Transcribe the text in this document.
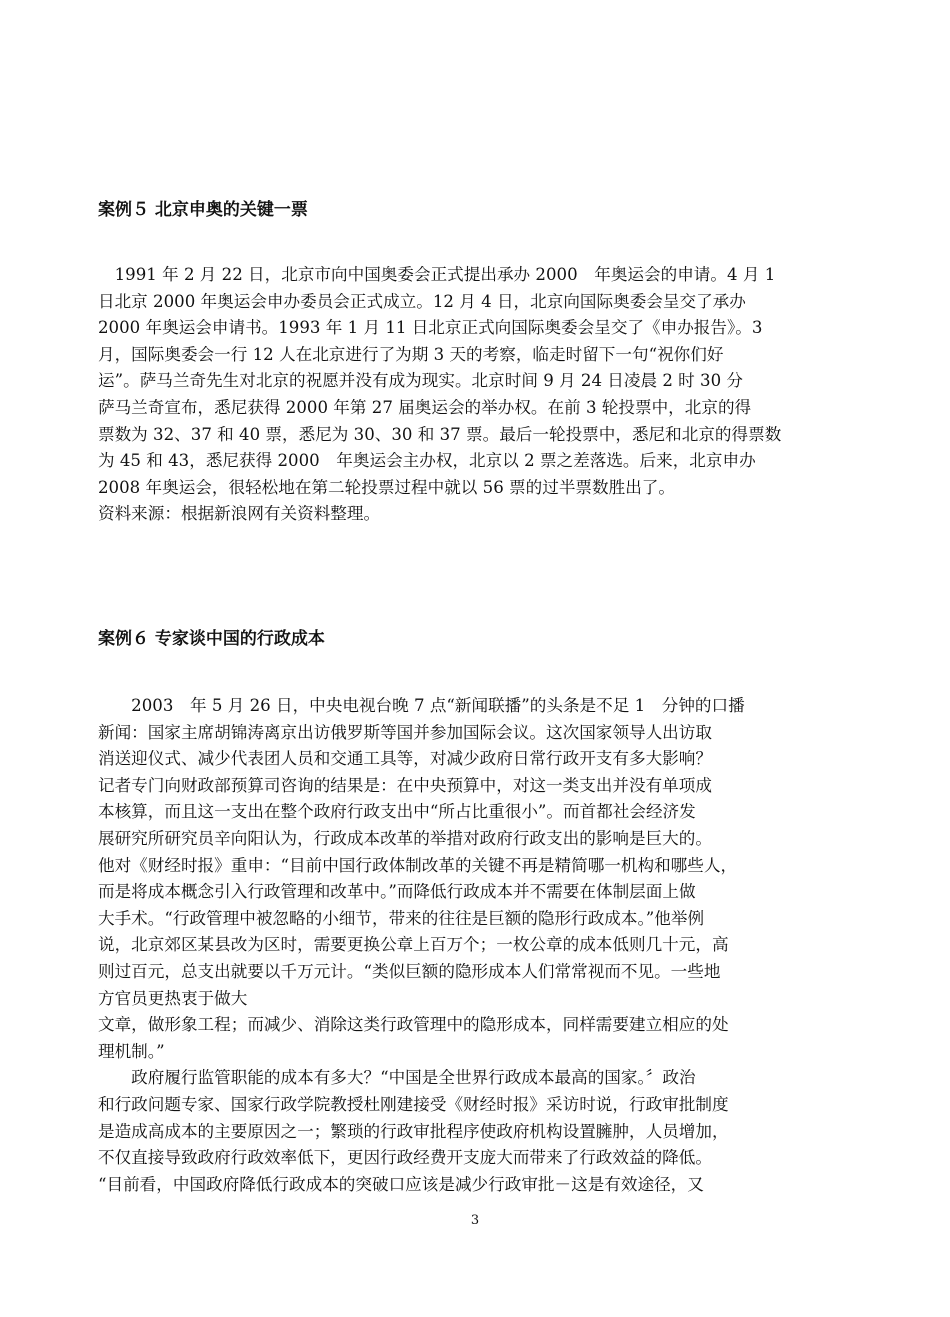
案例５ 北京申奥的关键一票
　1991 年 2 月 22 日，北京市向中国奥委会正式提出承办 2000　年奥运会的申请。4 月 1
日北京 2000 年奥运会申办委员会正式成立。12 月 4 日，北京向国际奥委会呈交了承办
2000 年奥运会申请书。1993 年 1 月 11 日北京正式向国际奥委会呈交了《申办报告》。3
月，国际奥委会一行 12 人在北京进行了为期 3 天的考察，临走时留下一句“祝你们好
运”。萨马兰奇先生对北京的祝愿并没有成为现实。北京时间 9 月 24 日凌晨 2 时 30 分
萨马兰奇宣布，悉尼获得 2000 年第 27 届奥运会的举办权。在前 3 轮投票中，北京的得
票数为 32、37 和 40 票，悉尼为 30、30 和 37 票。最后一轮投票中，悉尼和北京的得票数
为 45 和 43，悉尼获得 2000　年奥运会主办权，北京以 2 票之差落选。后来，北京申办
2008 年奥运会，很轻松地在第二轮投票过程中就以 56 票的过半票数胜出了。
资料来源：根据新浪网有关资料整理。
案例６ 专家谈中国的行政成本
　　2003　年 5 月 26 日，中央电视台晚 7 点“新闻联播”的头条是不足 1　分钟的口播
新闻：国家主席胡锦涛离京出访俄罗斯等国并参加国际会议。这次国家领导人出访取
消送迎仪式、减少代表团人员和交通工具等，对减少政府日常行政开支有多大影响？
记者专门向财政部预算司咨询的结果是：在中央预算中，对这一类支出并没有单项成
本核算，而且这一支出在整个政府行政支出中“所占比重很小”。而首都社会经济发
展研究所研究员辛向阳认为，行政成本改革的举措对政府行政支出的影响是巨大的。
他对《财经时报》重申：“目前中国行政体制改革的关键不再是精简哪一机构和哪些人，
而是将成本概念引入行政管理和改革中。”而降低行政成本并不需要在体制层面上做
大手术。“行政管理中被忽略的小细节，带来的往往是巨额的隐形行政成本。”他举例
说，北京郊区某县改为区时，需要更换公章上百万个；一枚公章的成本低则几十元，高
则过百元，总支出就要以千万元计。“类似巨额的隐形成本人们常常视而不见。一些地
方官员更热衷于做大
文章，做形象工程；而减少、消除这类行政管理中的隐形成本，同样需要建立相应的处
理机制。”
　　政府履行监管职能的成本有多大？“中国是全世界行政成本最高的国家。〞政治
和行政问题专家、国家行政学院教授杜刚建接受《财经时报》采访时说，行政审批制度
是造成高成本的主要原因之一；繁琐的行政审批程序使政府机构设置臃肿，人员增加，
不仅直接导致政府行政效率低下，更因行政经费开支庞大而带来了行政效益的降低。
“目前看，中国政府降低行政成本的突破口应该是减少行政审批－这是有效途径，又
3
